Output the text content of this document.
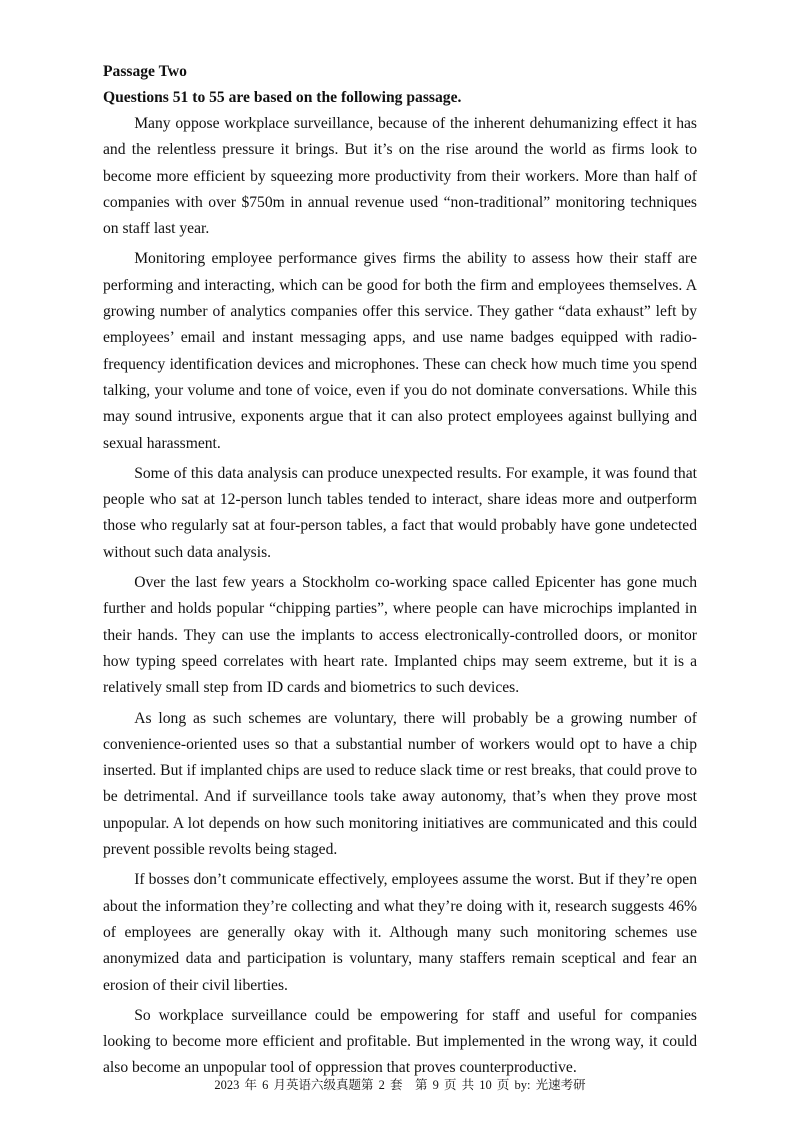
Passage Two
Questions 51 to 55 are based on the following passage.

Many oppose workplace surveillance, because of the inherent dehumanizing effect it has and the relentless pressure it brings. But it’s on the rise around the world as firms look to become more efficient by squeezing more productivity from their workers. More than half of companies with over $750m in annual revenue used “non-traditional” monitoring techniques on staff last year.

Monitoring employee performance gives firms the ability to assess how their staff are performing and interacting, which can be good for both the firm and employees themselves. A growing number of analytics companies offer this service. They gather “data exhaust” left by employees’ email and instant messaging apps, and use name badges equipped with radio-frequency identification devices and microphones. These can check how much time you spend talking, your volume and tone of voice, even if you do not dominate conversations. While this may sound intrusive, exponents argue that it can also protect employees against bullying and sexual harassment.

Some of this data analysis can produce unexpected results. For example, it was found that people who sat at 12-person lunch tables tended to interact, share ideas more and outperform those who regularly sat at four-person tables, a fact that would probably have gone undetected without such data analysis.

Over the last few years a Stockholm co-working space called Epicenter has gone much further and holds popular “chipping parties”, where people can have microchips implanted in their hands. They can use the implants to access electronically-controlled doors, or monitor how typing speed correlates with heart rate. Implanted chips may seem extreme, but it is a relatively small step from ID cards and biometrics to such devices.

As long as such schemes are voluntary, there will probably be a growing number of convenience-oriented uses so that a substantial number of workers would opt to have a chip inserted. But if implanted chips are used to reduce slack time or rest breaks, that could prove to be detrimental. And if surveillance tools take away autonomy, that’s when they prove most unpopular. A lot depends on how such monitoring initiatives are communicated and this could prevent possible revolts being staged.

If bosses don’t communicate effectively, employees assume the worst. But if they’re open about the information they’re collecting and what they’re doing with it, research suggests 46% of employees are generally okay with it. Although many such monitoring schemes use anonymized data and participation is voluntary, many staffers remain sceptical and fear an erosion of their civil liberties.

So workplace surveillance could be empowering for staff and useful for companies looking to become more efficient and profitable. But implemented in the wrong way, it could also become an unpopular tool of oppression that proves counterproductive.

2023 年 6 月英语六级真题第 2 套　第 9 页 共 10 页 by: 光速考研
